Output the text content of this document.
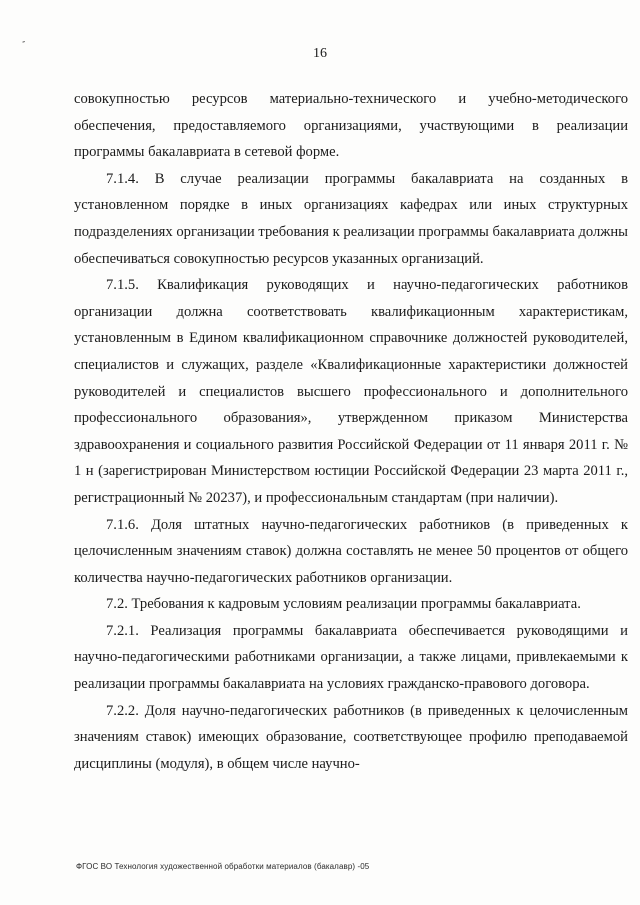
-
16

совокупностью ресурсов материально-технического и учебно-методического обеспечения, предоставляемого организациями, участвующими в реализации программы бакалавриата в сетевой форме.

7.1.4. В случае реализации программы бакалавриата на созданных в установленном порядке в иных организациях кафедрах или иных структурных подразделениях организации требования к реализации программы бакалавриата должны обеспечиваться совокупностью ресурсов указанных организаций.

7.1.5. Квалификация руководящих и научно-педагогических работников организации должна соответствовать квалификационным характеристикам, установленным в Едином квалификационном справочнике должностей руководителей, специалистов и служащих, разделе «Квалификационные характеристики должностей руководителей и специалистов высшего профессионального и дополнительного профессионального образования», утвержденном приказом Министерства здравоохранения и социального развития Российской Федерации от 11 января 2011 г. № 1 н (зарегистрирован Министерством юстиции Российской Федерации 23 марта 2011 г., регистрационный № 20237), и профессиональным стандартам (при наличии).

7.1.6. Доля штатных научно-педагогических работников (в приведенных к целочисленным значениям ставок) должна составлять не менее 50 процентов от общего количества научно-педагогических работников организации.

7.2. Требования к кадровым условиям реализации программы бакалавриата.

7.2.1. Реализация программы бакалавриата обеспечивается руководящими и научно-педагогическими работниками организации, а также лицами, привлекаемыми к реализации программы бакалавриата на условиях гражданско-правового договора.

7.2.2. Доля научно-педагогических работников (в приведенных к целочисленным значениям ставок) имеющих образование, соответствующее профилю преподаваемой дисциплины (модуля), в общем числе научно-

ФГОС ВО Технология художественной обработки материалов (бакалавр) -05
